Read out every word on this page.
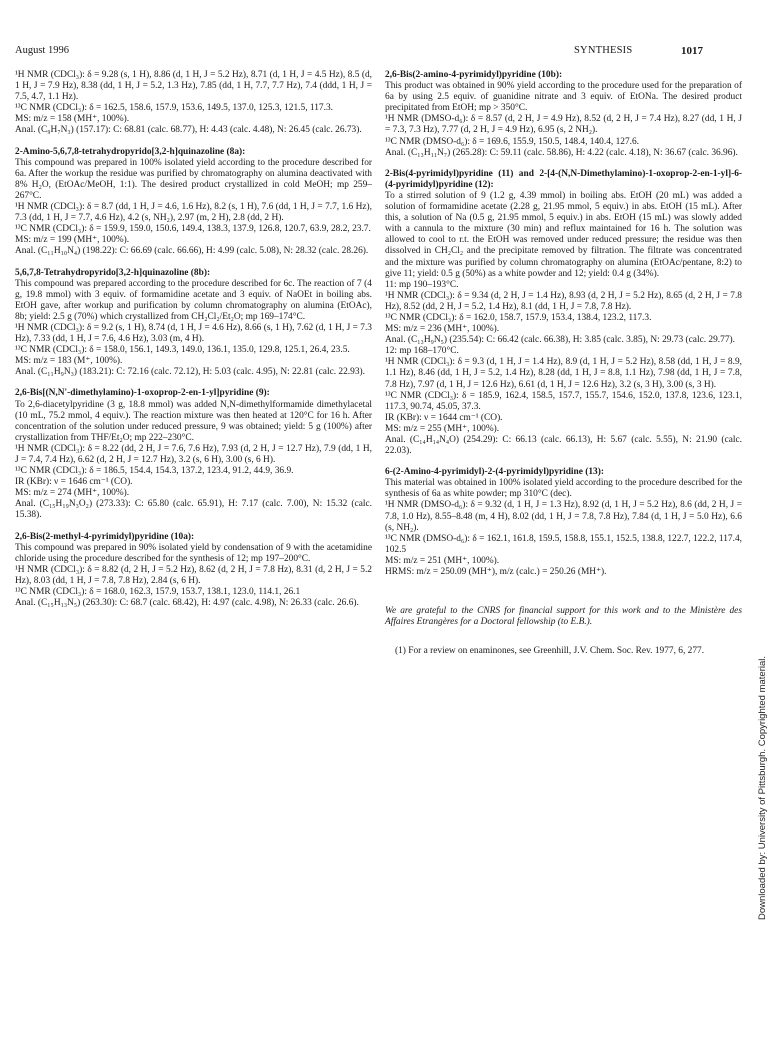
August 1996	SYNTHESIS	1017

¹H NMR (CDCl₃): δ = 9.28 (s, 1 H), 8.86 (d, 1 H, J = 5.2 Hz), 8.71 (d, 1 H, J = 4.5 Hz), 8.5 (d, 1 H, J = 7.9 Hz), 8.38 (dd, 1 H, J = 5.2, 1.3 Hz), 7.85 (dd, 1 H, 7.7, 7.7 Hz), 7.4 (ddd, 1 H, J = 7.5, 4.7, 1.1 Hz).

¹³C NMR (CDCl₃): δ = 162.5, 158.6, 157.9, 153.6, 149.5, 137.0, 125.3, 121.5, 117.3.

MS: m/z = 158 (MH⁺, 100%).

Anal. (C₉H₇N₃) (157.17): C: 68.81 (calc. 68.77), H: 4.43 (calc. 4.48), N: 26.45 (calc. 26.73).

2-Amino-5,6,7,8-tetrahydropyrido[3,2-h]quinazoline (8a):

This compound was prepared in 100% isolated yield according to the procedure described for 6a. After the workup the residue was purified by chromatography on alumina deactivated with 8% H₂O, (EtOAc/MeOH, 1:1). The desired product crystallized in cold MeOH; mp 259–267°C.

¹H NMR (CDCl₃): δ = 8.7 (dd, 1 H, J = 4.6, 1.6 Hz), 8.2 (s, 1 H), 7.6 (dd, 1 H, J = 7.7, 1.6 Hz), 7.3 (dd, 1 H, J = 7.7, 4.6 Hz), 4.2 (s, NH₂), 2.97 (m, 2 H), 2.8 (dd, 2 H).

¹³C NMR (CDCl₃): δ = 159.9, 159.0, 150.6, 149.4, 138.3, 137.9, 126.8, 120.7, 63.9, 28.2, 23.7.

MS: m/z = 199 (MH⁺, 100%).

Anal. (C₁₁H₁₀N₄) (198.22): C: 66.69 (calc. 66.66), H: 4.99 (calc. 5.08), N: 28.32 (calc. 28.26).

5,6,7,8-Tetrahydropyrido[3,2-h]quinazoline (8b):

This compound was prepared according to the procedure described for 6c. The reaction of 7 (4 g, 19.8 mmol) with 3 equiv. of formamidine acetate and 3 equiv. of NaOEt in boiling abs. EtOH gave, after workup and purification by column chromatography on alumina (EtOAc), 8b; yield: 2.5 g (70%) which crystallized from CH₂Cl₂/Et₂O; mp 169–174°C.

¹H NMR (CDCl₃): δ = 9.2 (s, 1 H), 8.74 (d, 1 H, J = 4.6 Hz), 8.66 (s, 1 H), 7.62 (d, 1 H, J = 7.3 Hz), 7.33 (dd, 1 H, J = 7.6, 4.6 Hz), 3.03 (m, 4 H).

¹³C NMR (CDCl₃): δ = 158.0, 156.1, 149.3, 149.0, 136.1, 135.0, 129.8, 125.1, 26.4, 23.5.

MS: m/z = 183 (M⁺, 100%).

Anal. (C₁₁H₉N₃) (183.21): C: 72.16 (calc. 72.12), H: 5.03 (calc. 4.95), N: 22.81 (calc. 22.93).

2,6-Bis[(N,N'-dimethylamino)-1-oxoprop-2-en-1-yl]pyridine (9):

To 2,6-diacetylpyridine (3 g, 18.8 mmol) was added N,N-dimethylformamide dimethylacetal (10 mL, 75.2 mmol, 4 equiv.). The reaction mixture was then heated at 120°C for 16 h. After concentration of the solution under reduced pressure, 9 was obtained; yield: 5 g (100%) after crystallization from THF/Et₂O; mp 222–230°C.

¹H NMR (CDCl₃): δ = 8.22 (dd, 2 H, J = 7.6, 7.6 Hz), 7.93 (d, 2 H, J = 12.7 Hz), 7.9 (dd, 1 H, J = 7.4, 7.4 Hz), 6.62 (d, 2 H, J = 12.7 Hz), 3.2 (s, 6 H), 3.00 (s, 6 H).

¹³C NMR (CDCl₃): δ = 186.5, 154.4, 154.3, 137.2, 123.4, 91.2, 44.9, 36.9.

IR (KBr): ν = 1646 cm⁻¹ (CO).

MS: m/z = 274 (MH⁺, 100%).

Anal. (C₁₅H₁₉N₃O₂) (273.33): C: 65.80 (calc. 65.91), H: 7.17 (calc. 7.00), N: 15.32 (calc. 15.38).

2,6-Bis(2-methyl-4-pyrimidyl)pyridine (10a):

This compound was prepared in 90% isolated yield by condensation of 9 with the acetamidine chloride using the procedure described for the synthesis of 12; mp 197–200°C.

¹H NMR (CDCl₃): δ = 8.82 (d, 2 H, J = 5.2 Hz), 8.62 (d, 2 H, J = 7.8 Hz), 8.31 (d, 2 H, J = 5.2 Hz), 8.03 (dd, 1 H, J = 7.8, 7.8 Hz), 2.84 (s, 6 H).

¹³C NMR (CDCl₃): δ = 168.0, 162.3, 157.9, 153.7, 138.1, 123.0, 114.1, 26.1

Anal. (C₁₅H₁₃N₅) (263.30): C: 68.7 (calc. 68.42), H: 4.97 (calc. 4.98), N: 26.33 (calc. 26.6).

2,6-Bis(2-amino-4-pyrimidyl)pyridine (10b):

This product was obtained in 90% yield according to the procedure used for the preparation of 6a by using 2.5 equiv. of guanidine nitrate and 3 equiv. of EtONa. The desired product precipitated from EtOH; mp > 350°C.

¹H NMR (DMSO-d₆): δ = 8.57 (d, 2 H, J = 4.9 Hz), 8.52 (d, 2 H, J = 7.4 Hz), 8.27 (dd, 1 H, J = 7.3, 7.3 Hz), 7.77 (d, 2 H, J = 4.9 Hz), 6.95 (s, 2 NH₂).

¹³C NMR (DMSO-d₆): δ = 169.6, 155.9, 150.5, 148.4, 140.4, 127.6.

Anal. (C₁₃H₁₁N₇) (265.28): C: 59.11 (calc. 58.86), H: 4.22 (calc. 4.18), N: 36.67 (calc. 36.96).

2-Bis(4-pyrimidyl)pyridine (11) and 2-[4-(N,N-Dimethylamino)-1-oxoprop-2-en-1-yl]-6-(4-pyrimidyl)pyridine (12):

To a stirred solution of 9 (1.2 g, 4.39 mmol) in boiling abs. EtOH (20 mL) was added a solution of formamidine acetate (2.28 g, 21.95 mmol, 5 equiv.) in abs. EtOH (15 mL). After this, a solution of Na (0.5 g, 21.95 mmol, 5 equiv.) in abs. EtOH (15 mL) was slowly added with a cannula to the mixture (30 min) and reflux maintained for 16 h. The solution was allowed to cool to r.t. the EtOH was removed under reduced pressure; the residue was then dissolved in CH₂Cl₂ and the precipitate removed by filtration. The filtrate was concentrated and the mixture was purified by column chromatography on alumina (EtOAc/pentane, 8:2) to give 11; yield: 0.5 g (50%) as a white powder and 12; yield: 0.4 g (34%).

11: mp 190–193°C.

¹H NMR (CDCl₃): δ = 9.34 (d, 2 H, J = 1.4 Hz), 8.93 (d, 2 H, J = 5.2 Hz), 8.65 (d, 2 H, J = 7.8 Hz), 8.52 (dd, 2 H, J = 5.2, 1.4 Hz), 8.1 (dd, 1 H, J = 7.8, 7.8 Hz).

¹³C NMR (CDCl₃): δ = 162.0, 158.7, 157.9, 153.4, 138.4, 123.2, 117.3.

MS: m/z = 236 (MH⁺, 100%).

Anal. (C₁₃H₉N₅) (235.54): C: 66.42 (calc. 66.38), H: 3.85 (calc. 3.85), N: 29.73 (calc. 29.77).

12: mp 168–170°C.

¹H NMR (CDCl₃): δ = 9.3 (d, 1 H, J = 1.4 Hz), 8.9 (d, 1 H, J = 5.2 Hz), 8.58 (dd, 1 H, J = 8.9, 1.1 Hz), 8.46 (dd, 1 H, J = 5.2, 1.4 Hz), 8.28 (dd, 1 H, J = 8.8, 1.1 Hz), 7.98 (dd, 1 H, J = 7.8, 7.8 Hz), 7.97 (d, 1 H, J = 12.6 Hz), 6.61 (d, 1 H, J = 12.6 Hz), 3.2 (s, 3 H), 3.00 (s, 3 H).

¹³C NMR (CDCl₃): δ = 185.9, 162.4, 158.5, 157.7, 155.7, 154.6, 152.0, 137.8, 123.6, 123.1, 117.3, 90.74, 45.05, 37.3.

IR (KBr): ν = 1644 cm⁻¹ (CO).

MS: m/z = 255 (MH⁺, 100%).

Anal. (C₁₄H₁₄N₄O) (254.29): C: 66.13 (calc. 66.13), H: 5.67 (calc. 5.55), N: 21.90 (calc. 22.03).

6-(2-Amino-4-pyrimidyl)-2-(4-pyrimidyl)pyridine (13):

This material was obtained in 100% isolated yield according to the procedure described for the synthesis of 6a as white powder; mp 310°C (dec).

¹H NMR (DMSO-d₆): δ = 9.32 (d, 1 H, J = 1.3 Hz), 8.92 (d, 1 H, J = 5.2 Hz), 8.6 (dd, 2 H, J = 7.8, 1.0 Hz), 8.55–8.48 (m, 4 H), 8.02 (dd, 1 H, J = 7.8, 7.8 Hz), 7.84 (d, 1 H, J = 5.0 Hz), 6.6 (s, NH₂).

¹³C NMR (DMSO-d₆): δ = 162.1, 161.8, 159.5, 158.8, 155.1, 152.5, 138.8, 122.7, 122.2, 117.4, 102.5

MS: m/z = 251 (MH⁺, 100%).

HRMS: m/z = 250.09 (MH⁺), m/z (calc.) = 250.26 (MH⁺).

We are grateful to the CNRS for financial support for this work and to the Ministère des Affaires Etrangères for a Doctoral fellowship (to E.B.).

(1) For a review on enaminones, see Greenhill, J.V. Chem. Soc. Rev. 1977, 6, 277.

Downloaded by: University of Pittsburgh. Copyrighted material.
